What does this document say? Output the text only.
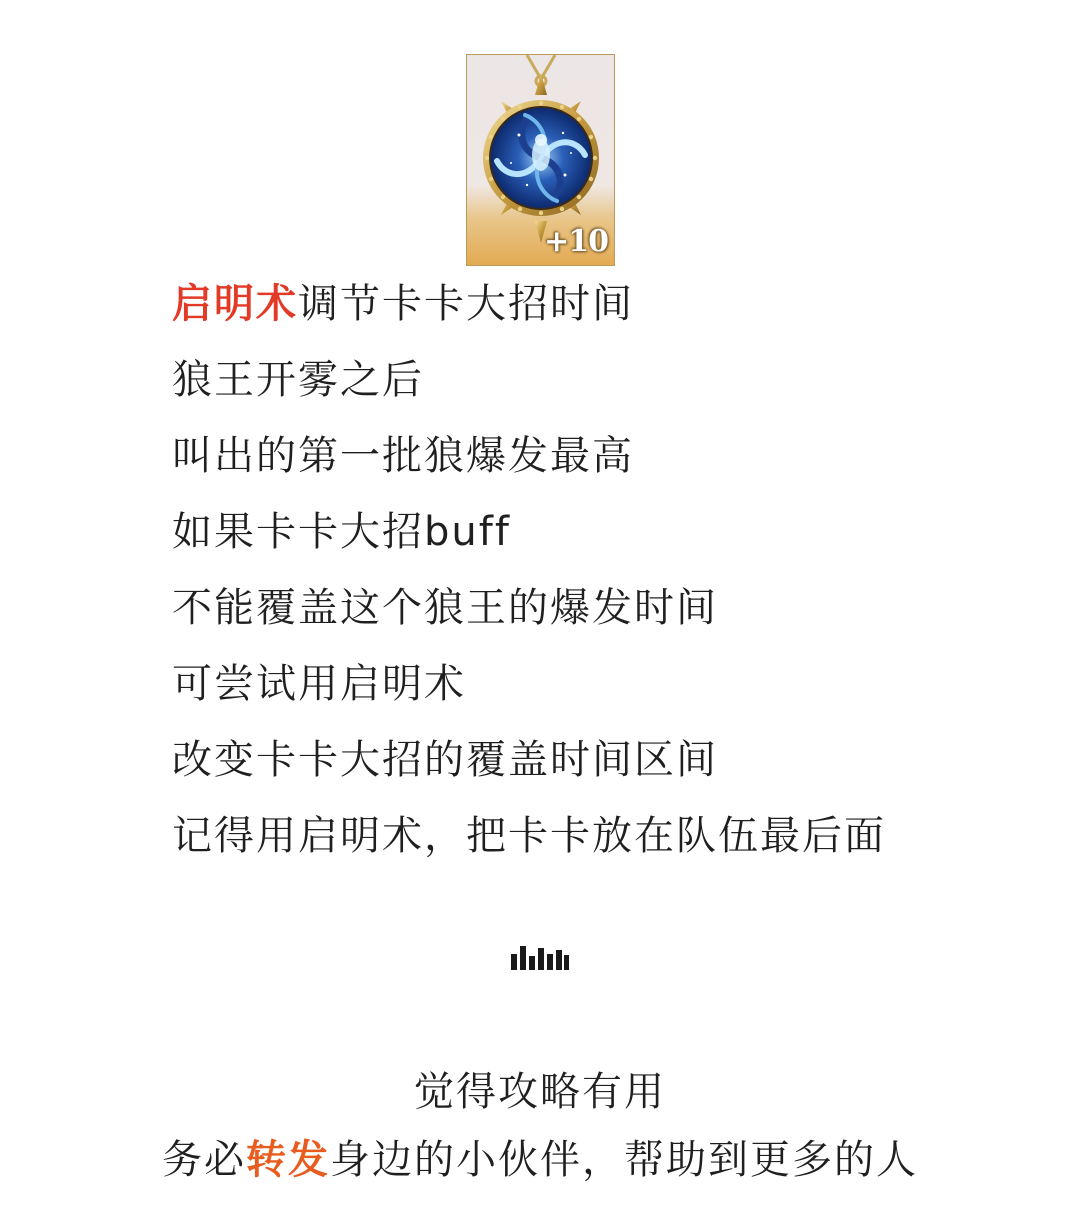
+10
启明术调节卡卡大招时间
狼王开雾之后
叫出的第一批狼爆发最高
如果卡卡大招buff
不能覆盖这个狼王的爆发时间
可尝试用启明术
改变卡卡大招的覆盖时间区间
记得用启明术，把卡卡放在队伍最后面
觉得攻略有用
务必转发身边的小伙伴，帮助到更多的人
